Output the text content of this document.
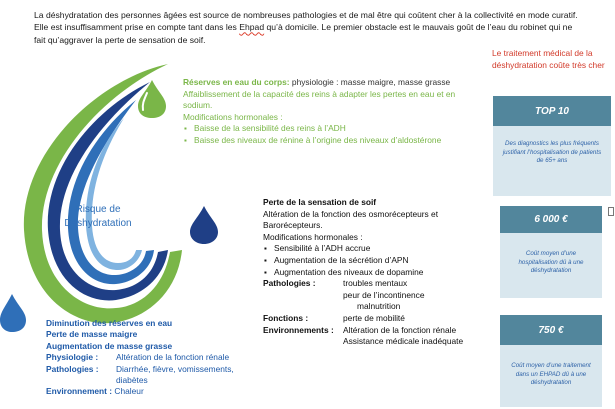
La déshydratation des personnes âgées est source de nombreuses pathologies et de mal être qui coûtent cher à la collectivité en mode curatif. Elle est insuffisamment prise en compte tant dans les Ehpad qu’à domicile. Le premier obstacle est le mauvais goût de l’eau du robinet qui ne fait qu’aggraver la perte de sensation de soif.

Risque de
Déshydratation
Réserves en eau du corps: physiologie : masse maigre, masse grasse
Affaiblissement de la capacité des reins à adapter les pertes en eau et en sodium.
Modifications hormonales :
▪ Baisse de la sensibilité des reins à l’ADH
▪ Baisse des niveaux de rénine à l’origine des niveaux d’aldostérone
Perte de la sensation de soif
Altération de la fonction des osmorécepteurs et Barorécepteurs.
Modifications hormonales :
▪ Sensibilité à l’ADH accrue
▪ Augmentation de la sécrétion d’APN
▪ Augmentation des niveaux de dopamine
Pathologies :	troubles mentaux
peur de l’incontinence
malnutrition
Fonctions :	perte de mobilité
Environnements :	Altération de la fonction rénale
Assistance médicale inadéquate
Diminution des réserves en eau
Perte de masse maigre
Augmentation de masse grasse
Physiologie :	Altération de la fonction rénale
Pathologies :	Diarrhée, fièvre, vomissements, diabètes
Environnement : Chaleur
Le traitement médical de la déshydratation coûte très cher
TOP 10
Des diagnostics les plus fréquents justifiant l’hospitalisation de patients de 65+ ans
6 000 €
Coût moyen d’une hospitalisation dû à une déshydratation
750 €
Coût moyen d’une traitement dans un EHPAD dû à une déshydratation
